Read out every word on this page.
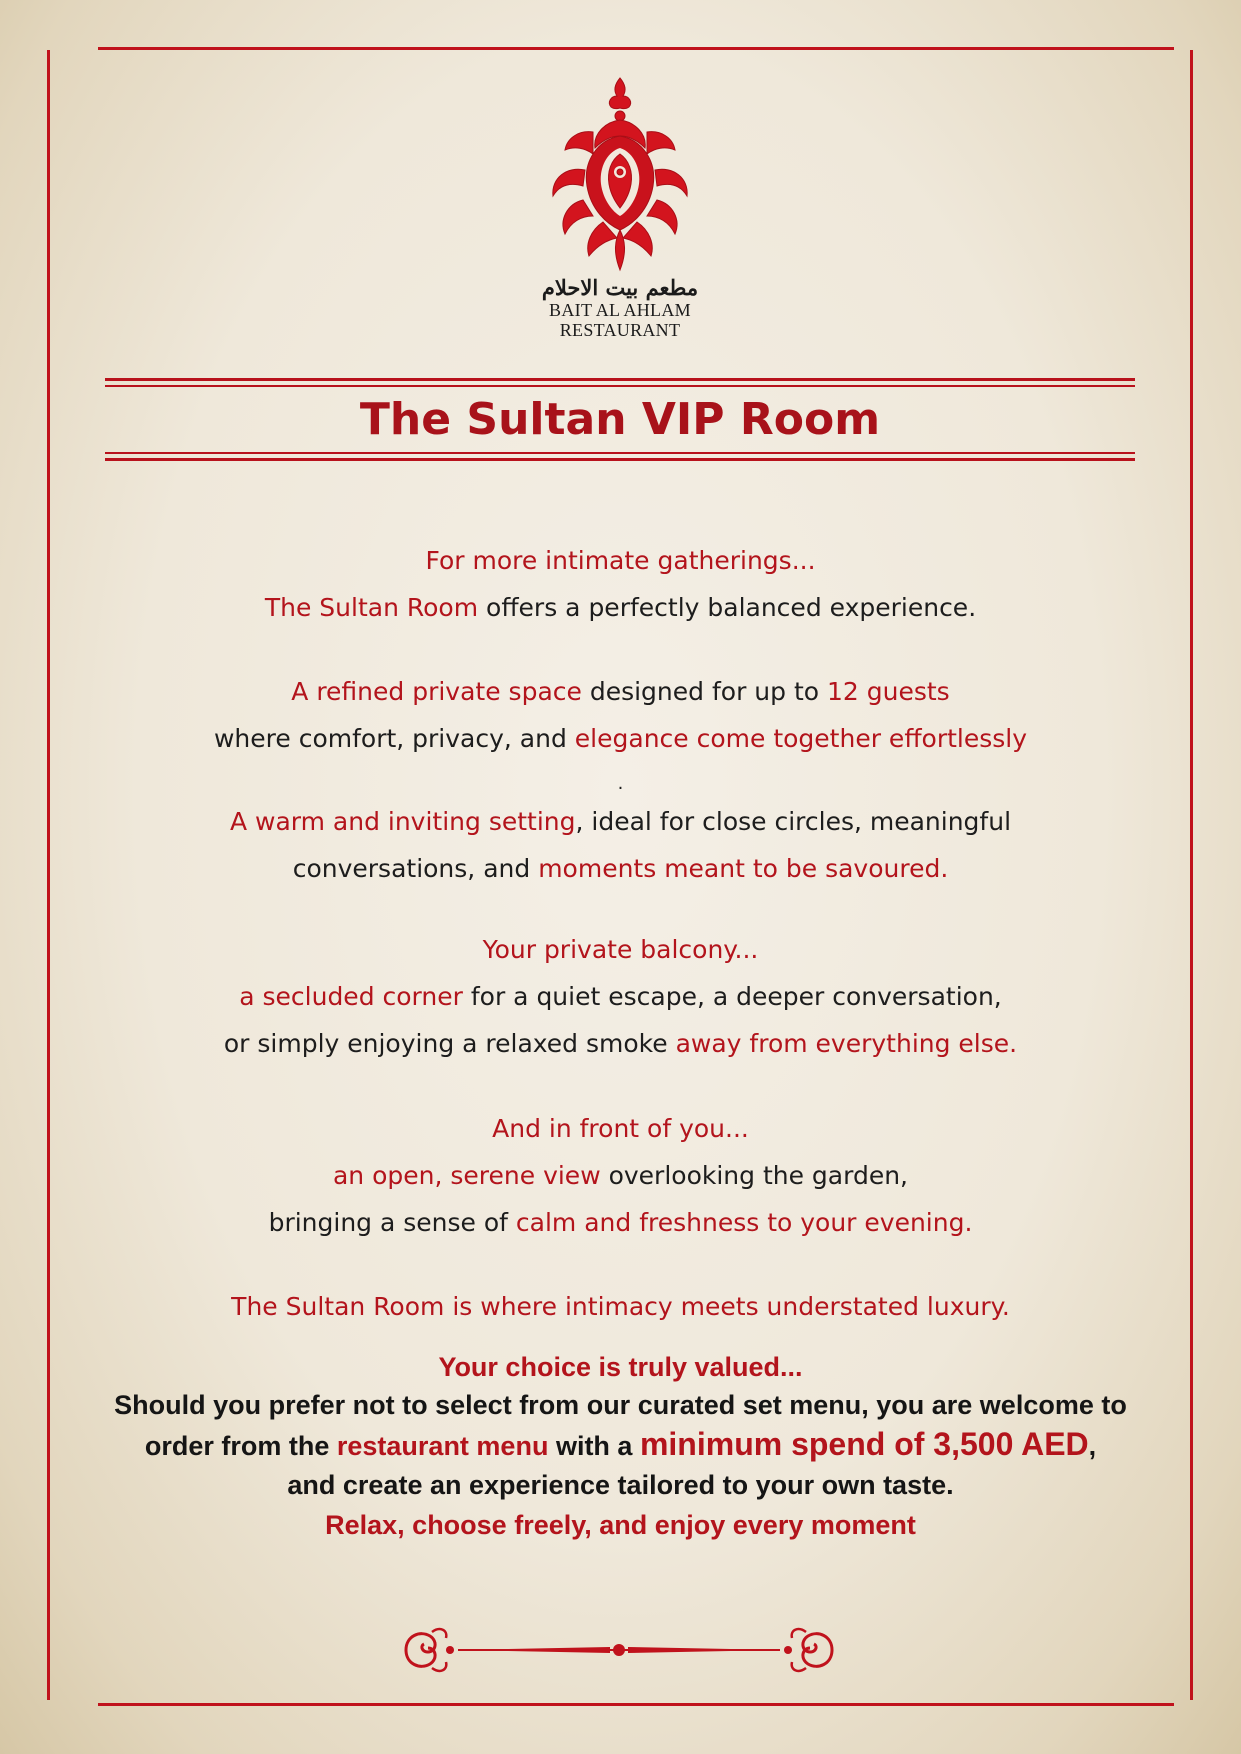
مطعم بيت الاحلام
BAIT AL AHLAM
RESTAURANT
The Sultan VIP Room
For more intimate gatherings...
The Sultan Room offers a perfectly balanced experience.
A refined private space designed for up to 12 guests
where comfort, privacy, and elegance come together effortlessly
.
A warm and inviting setting, ideal for close circles, meaningful
conversations, and moments meant to be savoured.
Your private balcony...
a secluded corner for a quiet escape, a deeper conversation,
or simply enjoying a relaxed smoke away from everything else.
And in front of you...
an open, serene view overlooking the garden,
bringing a sense of calm and freshness to your evening.
The Sultan Room is where intimacy meets understated luxury.
Your choice is truly valued...
Should you prefer not to select from our curated set menu, you are welcome to
order from the restaurant menu with a minimum spend of 3,500 AED,
and create an experience tailored to your own taste.
Relax, choose freely, and enjoy every moment
